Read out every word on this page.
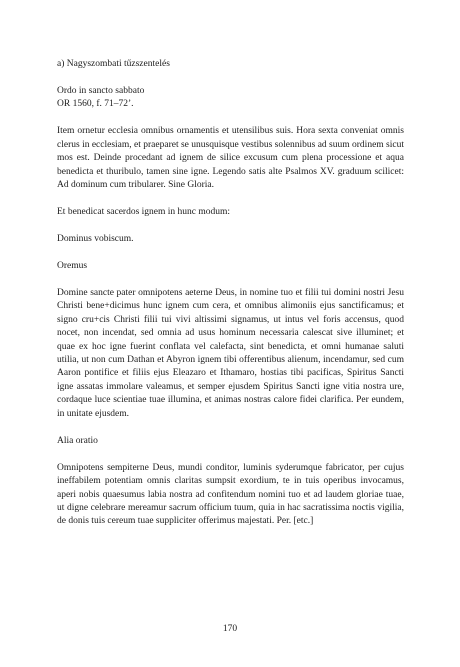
a) Nagyszombati tűzszentelés

Ordo in sancto sabbato
OR 1560, f. 71–72’.

Item ornetur ecclesia omnibus ornamentis et utensilibus suis. Hora sexta conveniat omnis clerus in ecclesiam, et praeparet se unusquisque vestibus solennibus ad suum ordinem sicut mos est. Deinde procedant ad ignem de silice excusum cum plena processione et aqua benedicta et thuribulo, tamen sine igne. Legendo satis alte Psalmos XV. graduum scilicet: Ad dominum cum tribularer. Sine Gloria.

Et benedicat sacerdos ignem in hunc modum:

Dominus vobiscum.

Oremus

Domine sancte pater omnipotens aeterne Deus, in nomine tuo et filii tui domini nostri Jesu Christi bene+dicimus hunc ignem cum cera, et omnibus alimoniis ejus sanctificamus; et signo cru+cis Christi filii tui vivi altissimi signamus, ut intus vel foris accensus, quod nocet, non incendat, sed omnia ad usus hominum necessaria calescat sive illuminet; et quae ex hoc igne fuerint conflata vel calefacta, sint benedicta, et omni humanae saluti utilia, ut non cum Dathan et Abyron ignem tibi offerentibus alienum, incendamur, sed cum Aaron pontifice et filiis ejus Eleazaro et Ithamaro, hostias tibi pacificas, Spiritus Sancti igne assatas immolare valeamus, et semper ejusdem Spiritus Sancti igne vitia nostra ure, cordaque luce scientiae tuae illumina, et animas nostras calore fidei clarifica. Per eundem, in unitate ejusdem.

Alia oratio

Omnipotens sempiterne Deus, mundi conditor, luminis syderumque fabricator, per cujus ineffabilem potentiam omnis claritas sumpsit exordium, te in tuis operibus invocamus, aperi nobis quaesumus labia nostra ad confitendum nomini tuo et ad laudem gloriae tuae, ut digne celebrare mereamur sacrum officium tuum, quia in hac sacratissima noctis vigilia, de donis tuis cereum tuae suppliciter offerimus majestati. Per. [etc.]

170
